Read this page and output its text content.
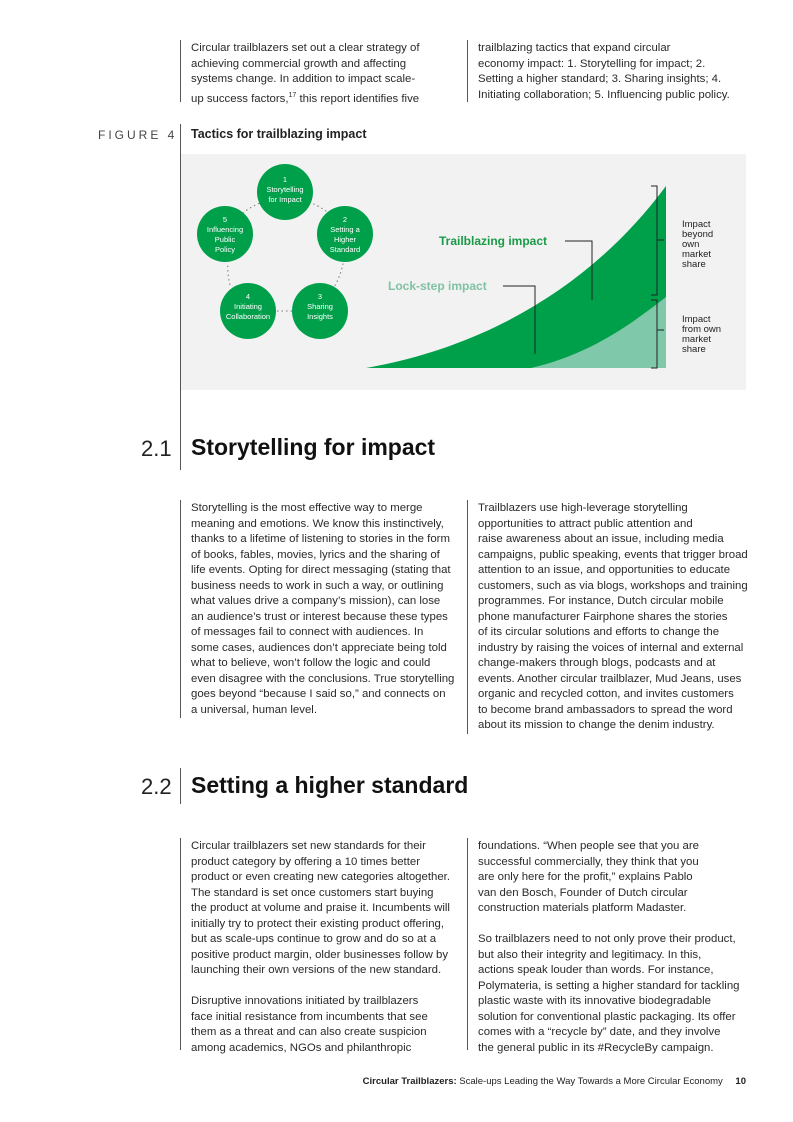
Circular trailblazers set out a clear strategy of

achieving commercial growth and affecting

systems change. In addition to impact scale-

up success factors,$^{17}$ this report identifies five

trailblazing tactics that expand circular

economy impact: 1. Storytelling for impact; 2.

Setting a higher standard; 3. Sharing insights; 4.

Initiating collaboration; 5. Influencing public policy.

FIGURE 4 Tactics for trailblazing impact
1
Storytelling
for Impact
2
Setting a
Higher
Standard
3
Sharing
Insights
4
Initiating
Collaboration
5
Influencing
Public
Policy
Trailblazing impact
Lock-step impact
Impact
beyond
own
market
share
Impact
from own
market
share
2.1 Storytelling for impact

Storytelling is the most effective way to merge

meaning and emotions. We know this instinctively,

thanks to a lifetime of listening to stories in the form

of books, fables, movies, lyrics and the sharing of

life events. Opting for direct messaging (stating that

business needs to work in such a way, or outlining

what values drive a company’s mission), can lose

an audience’s trust or interest because these types

of messages fail to connect with audiences. In

some cases, audiences don’t appreciate being told

what to believe, won’t follow the logic and could

even disagree with the conclusions. True storytelling

goes beyond “because I said so,” and connects on

a universal, human level.

Trailblazers use high-leverage storytelling

opportunities to attract public attention and

raise awareness about an issue, including media

campaigns, public speaking, events that trigger broad

attention to an issue, and opportunities to educate

customers, such as via blogs, workshops and training

programmes. For instance, Dutch circular mobile

phone manufacturer Fairphone shares the stories

of its circular solutions and efforts to change the

industry by raising the voices of internal and external

change-makers through blogs, podcasts and at

events. Another circular trailblazer, Mud Jeans, uses

organic and recycled cotton, and invites customers

to become brand ambassadors to spread the word

about its mission to change the denim industry.

2.2 Setting a higher standard

Circular trailblazers set new standards for their

product category by offering a 10 times better

product or even creating new categories altogether.

The standard is set once customers start buying

the product at volume and praise it. Incumbents will

initially try to protect their existing product offering,

but as scale-ups continue to grow and do so at a

positive product margin, older businesses follow by

launching their own versions of the new standard.

Disruptive innovations initiated by trailblazers

face initial resistance from incumbents that see

them as a threat and can also create suspicion

among academics, NGOs and philanthropic

foundations. “When people see that you are

successful commercially, they think that you

are only here for the profit,” explains Pablo

van den Bosch, Founder of Dutch circular

construction materials platform Madaster.

So trailblazers need to not only prove their product,

but also their integrity and legitimacy. In this,

actions speak louder than words. For instance,

Polymateria, is setting a higher standard for tackling

plastic waste with its innovative biodegradable

solution for conventional plastic packaging. Its offer

comes with a “recycle by” date, and they involve

the general public in its #RecycleBy campaign.

Circular Trailblazers: Scale-ups Leading the Way Towards a More Circular Economy 10
